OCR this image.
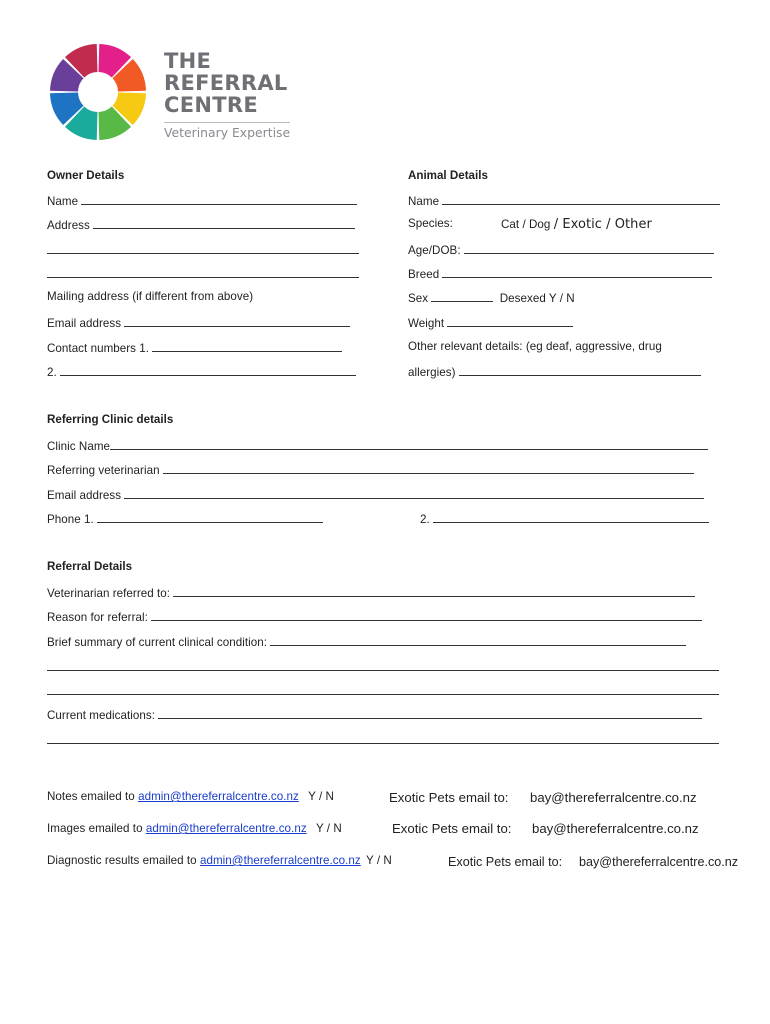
THE
REFERRAL
CENTRE
Veterinary Expertise
Owner Details
Name
Address
Mailing address (if different from above)
Email address
Contact numbers 1.
2.
Animal Details
Name
Species:	Cat / Dog / Exotic / Other
Age/DOB:
Breed
Sex	Desexed Y / N
Weight
Other relevant details: (eg deaf, aggressive, drug
allergies)
Referring Clinic details
Clinic Name
Referring veterinarian
Email address
Phone 1.	2.
Referral Details
Veterinarian referred to:
Reason for referral:
Brief summary of current clinical condition:
Current medications:
Notes emailed to admin@thereferralcentre.co.nz Y / N	Exotic Pets email to: bay@thereferralcentre.co.nz
Images emailed to admin@thereferralcentre.co.nz Y / N	Exotic Pets email to: bay@thereferralcentre.co.nz
Diagnostic results emailed to admin@thereferralcentre.co.nz Y / N	Exotic Pets email to: bay@thereferralcentre.co.nz
